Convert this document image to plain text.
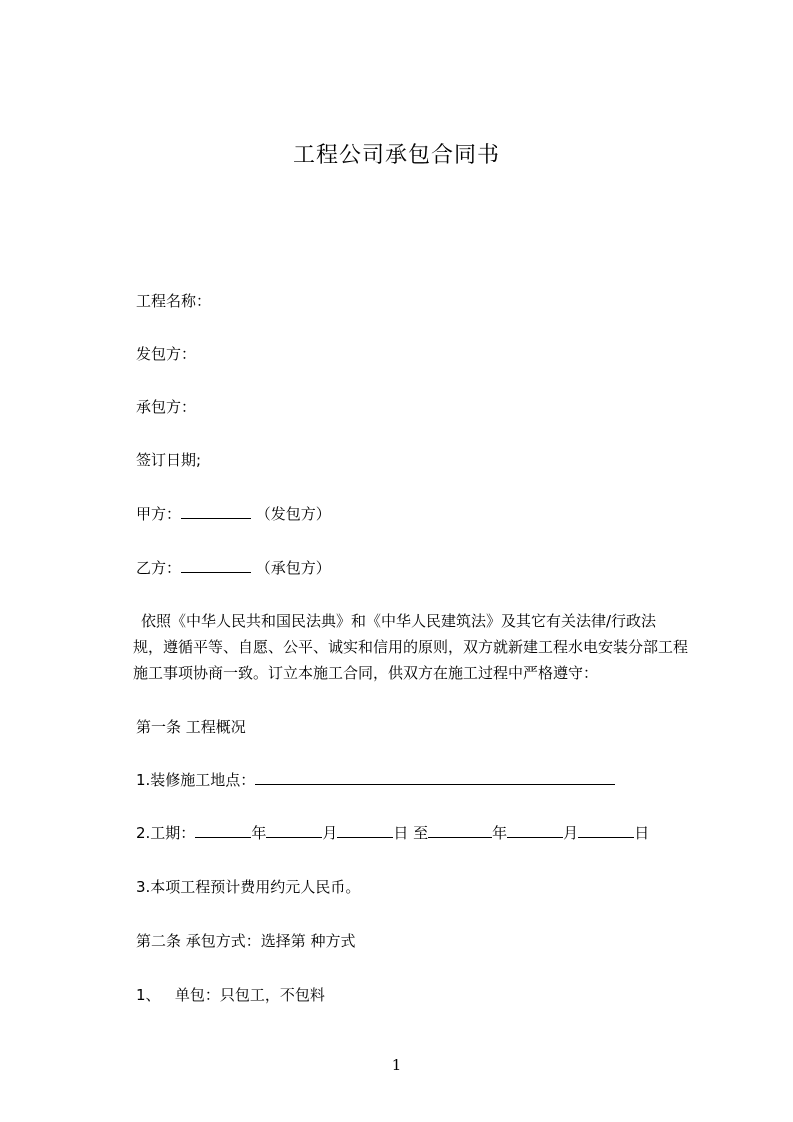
工程公司承包合同书
工程名称：
发包方：
承包方：
签订日期;
甲方：	（发包方）
乙方：	（承包方）
依照《中华人民共和国民法典》和《中华人民建筑法》及其它有关法律/行政法
规，遵循平等、自愿、公平、诚实和信用的原则，双方就新建工程水电安装分部工程
施工事项协商一致。订立本施工合同，供双方在施工过程中严格遵守：
第一条 工程概况
1.装修施工地点：
2.工期：	年	月	日 至	年	月	日
3.本项工程预计费用约元人民币。
第二条 承包方式：选择第 种方式
1、   单包：只包工，不包料
1
